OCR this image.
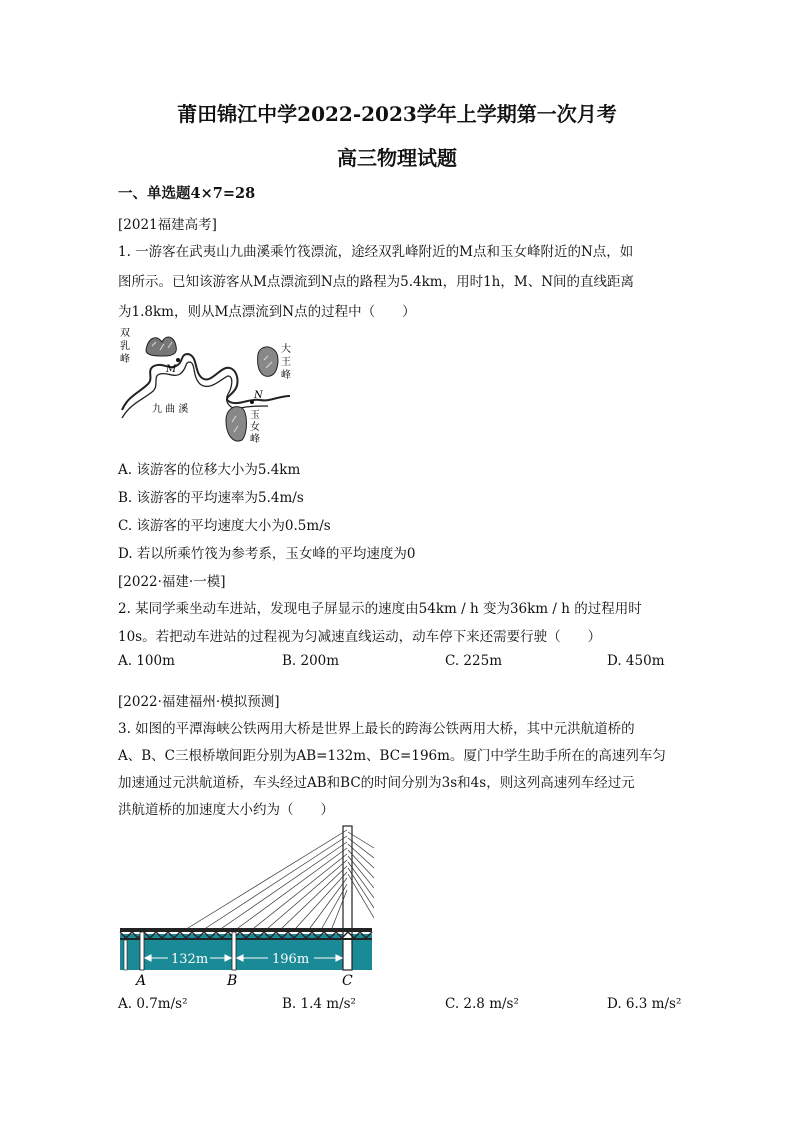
莆田锦江中学2022-2023学年上学期第一次月考
高三物理试题
一、单选题4×7=28
[2021福建高考]
1. 一游客在武夷山九曲溪乘竹筏漂流，途经双乳峰附近的M点和玉女峰附近的N点，如
图所示。已知该游客从M点漂流到N点的路程为5.4km，用时1h，M、N间的直线距离
为1.8km，则从M点漂流到N点的过程中（　　）
双
乳
峰
M
大
王
峰
N
九 曲 溪
玉
女
峰
A. 该游客的位移大小为5.4km
B. 该游客的平均速率为5.4m/s
C. 该游客的平均速度大小为0.5m/s
D. 若以所乘竹筏为参考系，玉女峰的平均速度为0
[2022·福建·一模]
2. 某同学乘坐动车进站，发现电子屏显示的速度由54km / h 变为36km / h 的过程用时
10s。若把动车进站的过程视为匀减速直线运动，动车停下来还需要行驶（　　）
A. 100m	B. 200m	C. 225m	D. 450m
[2022·福建福州·模拟预测]
3. 如图的平潭海峡公铁两用大桥是世界上最长的跨海公铁两用大桥，其中元洪航道桥的
A、B、C三根桥墩间距分别为AB=132m、BC=196m。厦门中学生助手所在的高速列车匀
加速通过元洪航道桥，车头经过AB和BC的时间分别为3s和4s，则这列高速列车经过元
洪航道桥的加速度大小约为（　　）
132m	196m
A	B	C
A. 0.7m/s²	B. 1.4 m/s²	C. 2.8 m/s²	D. 6.3 m/s²
